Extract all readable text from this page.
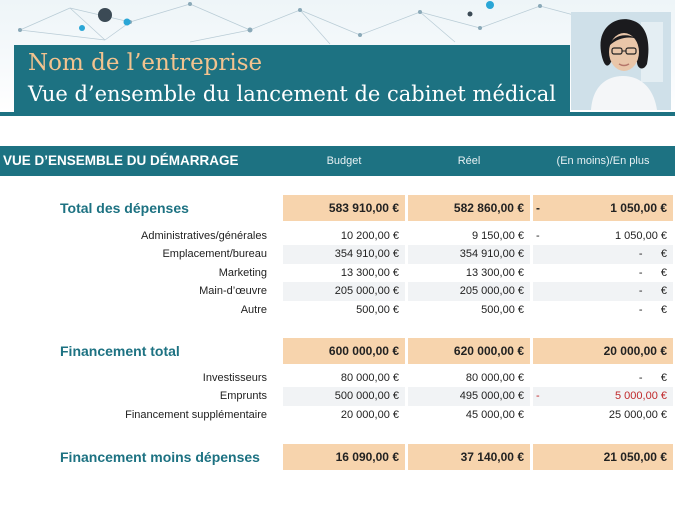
Nom de l’entreprise
Vue d’ensemble du lancement de cabinet médical
VUE D’ENSEMBLE DU DÉMARRAGE	Budget	Réel	(En moins)/En plus
Total des dépenses	583 910,00 €	582 860,00 €	-	1 050,00 €
Administratives/générales	10 200,00 €	9 150,00 €	-	1 050,00 €
Emplacement/bureau	354 910,00 €	354 910,00 €	-      €
Marketing	13 300,00 €	13 300,00 €	-      €
Main-d’œuvre	205 000,00 €	205 000,00 €	-      €
Autre	500,00 €	500,00 €	-      €
Financement total	600 000,00 €	620 000,00 €	20 000,00 €
Investisseurs	80 000,00 €	80 000,00 €	-      €
Emprunts	500 000,00 €	495 000,00 €	-	5 000,00 €
Financement supplémentaire	20 000,00 €	45 000,00 €	25 000,00 €
Financement moins dépenses	16 090,00 €	37 140,00 €	21 050,00 €
